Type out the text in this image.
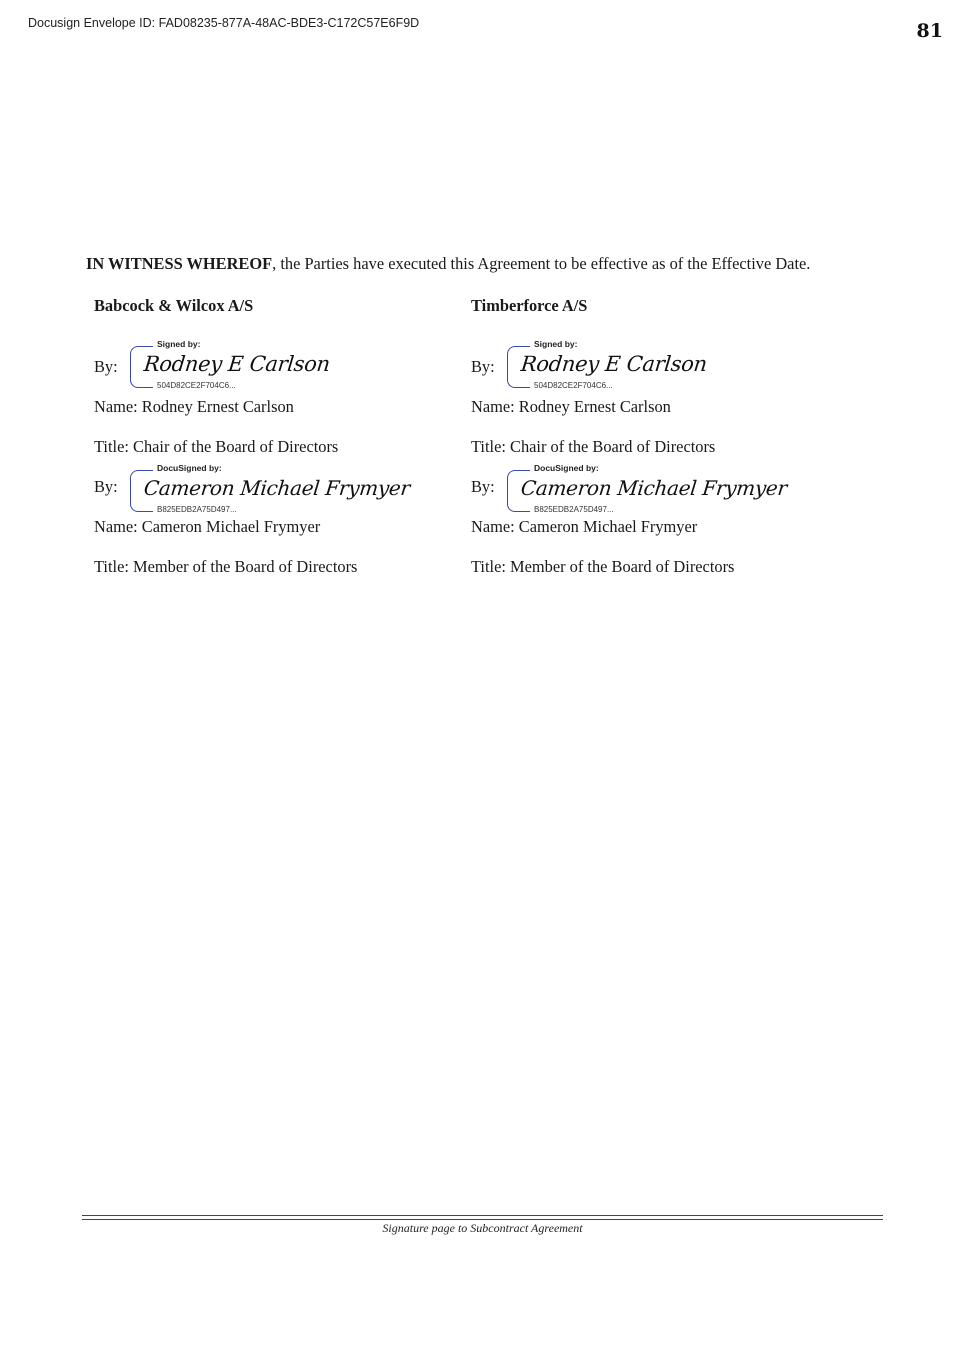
Docusign Envelope ID: FAD08235-877A-48AC-BDE3-C172C57E6F9D	81
IN WITNESS WHEREOF, the Parties have executed this Agreement to be effective as of the Effective Date.
Babcock & Wilcox A/S
By: Rodney E Carlson
Signed by:
504D82CE2F704C6...
Name: Rodney Ernest Carlson
Title: Chair of the Board of Directors
By:
Name: Cameron Michael Frymyer
Cameron Michael Frymyer
DocuSigned by:
B825EDB2A75D497...
Title: Member of the Board of Directors
Timberforce A/S
By: Rodney E Carlson
Signed by:
504D82CE2F704C6...
Name: Rodney Ernest Carlson
Title: Chair of the Board of Directors
By:
Name: Cameron Michael Frymyer
Cameron Michael Frymyer
DocuSigned by:
B825EDB2A75D497...
Title: Member of the Board of Directors
Signature page to Subcontract Agreement
